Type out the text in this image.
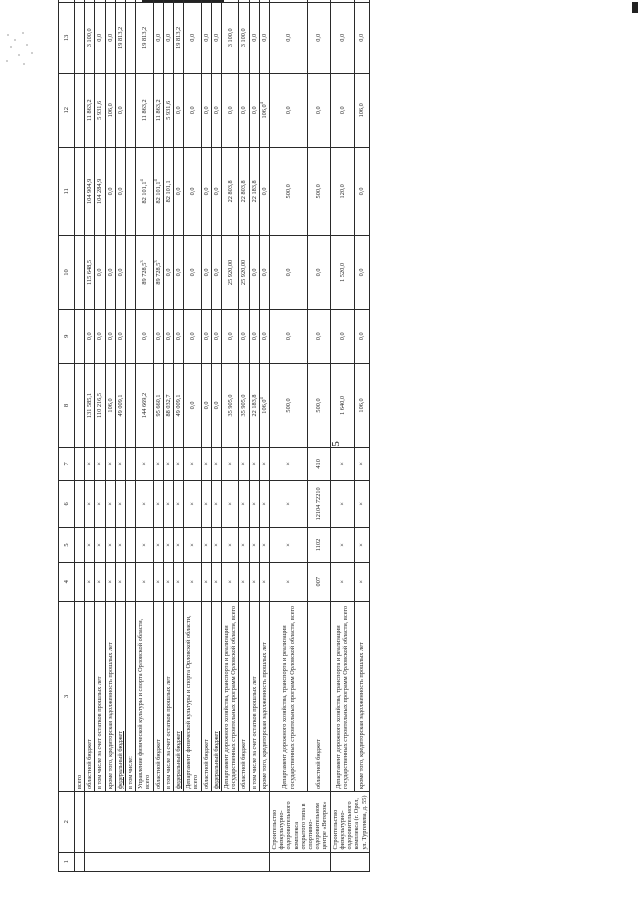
5
1	2	3	4	5	6	7	8	9	10	11	12	13				
		всего														
		областной бюджет	×	×	×	×	131 585,1	0,0	115 648,5	104 904,9	11 863,2	3 100,0				
		в том числе за счет остатков прошлых лет	×	×	×	×	110 216,5	0,0	0,0	104 284,9	5 931,6	0,0				
		кроме того, кредиторская задолженность прошлых лет	×	×	×	×	106,0	0,0	0,0	0,0	106,0	0,0				
		федеральный бюджет	×	×	×	×	49 009,1	0,0	0,0	0,0	0,0	19 813,2				
		в том числе:														
		Управление физической культуры и спорта Орловской области, всего	×	×	×	×	144 669,2	0,0	89 728,5$^3$	82 101,1$^4$	11 863,2	19 813,2				
		областной бюджет	×	×	×	×	95 660,1	0,0	89 728,5$^3$	82 101,1$^4$	11 863,2	0,0				
		в том числе за счет остатков прошлых лет	×	×	×	×	88 032,7	0,0	0,0	82 101,1	5 931,6	0,0				
		федеральный бюджет	×	×	×	×	49 009,1	0,0	0,0	0,0	0,0	19 813,2				
		Департамент физической культуры и спорта Орловской области, всего	×	×	×	×	0,0	0,0	0,0	0,0	0,0	0,0				
		областной бюджет	×	×	×	×	0,0	0,0	0,0	0,0	0,0	0,0				
		федеральный бюджет	×	×	×	×	0,0	0,0	0,0	0,0	0,0	0,0				
		Департамент дорожного хозяйства, транспорта и реализации государственных строительных программ Орловской области, всего	×	×	×	×	35 905,0	0,0	25 920,00	22 803,8	0,0	3 100,0				
		областной бюджет	×	×	×	×	35 905,0	0,0	25 920,00	22 803,8	0,0	3 100,0				
		в том числе за счет остатков прошлых лет	×	×	×	×	22 183,8	0,0	0,0	22 183,8	0,0	0,0				
		кроме того, кредиторская задолженность прошлых лет	×	×	×	×	$106,0^4$	0,0	0,0	0,0	106,0$^4$	0,0				
	Строительство физкультурно-оздоровительного комплекса открытого типа в спортивно-оздоровительном центре «Ветерок»	Департамент дорожного хозяйства, транспорта и реализации государственных строительных программ Орловской области, всего	×	×	×	×	500,0	0,0	0,0	500,0	0,0	0,0				
		областной бюджет	007	1102	12104 72210	410	500,0	0,0	0,0	500,0	0,0	0,0				
	Строительство физкультурно-оздоровительного комплекса (г. Орел, ул. Тургенева, д. 55)	Департамент дорожного хозяйства, транспорта и реализации государственных строительных программ Орловской области, всего	×	×	×	×	1 640,0	0,0	1 520,0	120,0	0,0	0,0				
		кроме того, кредиторская задолженность прошлых лет	×	×	×	×	106,0	0,0	0,0	0,0	106,0	0,0				
